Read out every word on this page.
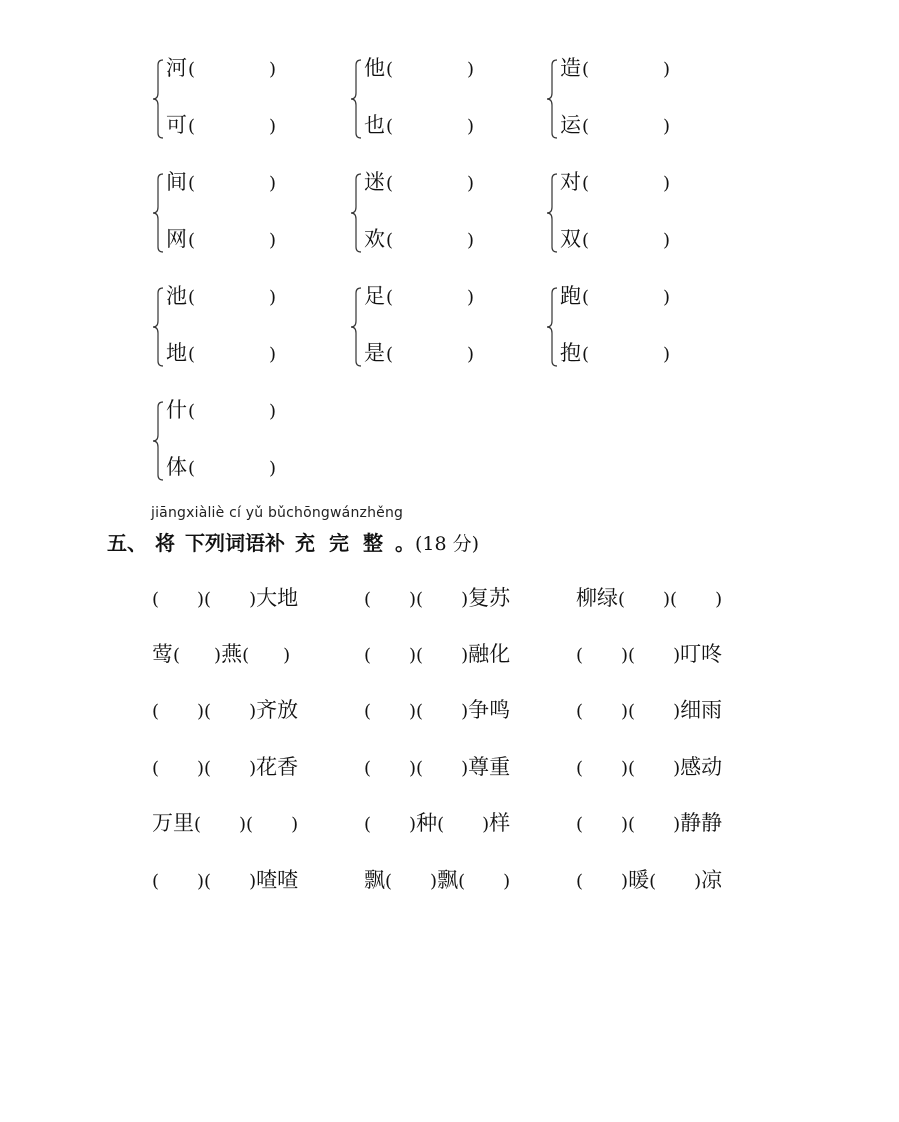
河(	)
可(	)
他(	)
也(	)
造(	)
运(	)
间(	)
网(	)
迷(	)
欢(	)
对(	)
双(	)
池(	)
地(	)
足(	)
是(	)
跑(	)
抱(	)
什(	)
体(	)
jiāngxiàliè cí yǔ bǔchōngwánzhěng
五、 将 下列词语补 充 完 整 。(18 分)
( )( )大地	( )( )复苏	柳绿( )( )
莺( )燕( )	( )( )融化	( )( )叮咚
( )( )齐放	( )( )争鸣	( )( )细雨
( )( )花香	( )( )尊重	( )( )感动
万里( )( )	( )种( )样	( )( )静静
( )( )喳喳	飘( )飘( )	( )暖( )凉
